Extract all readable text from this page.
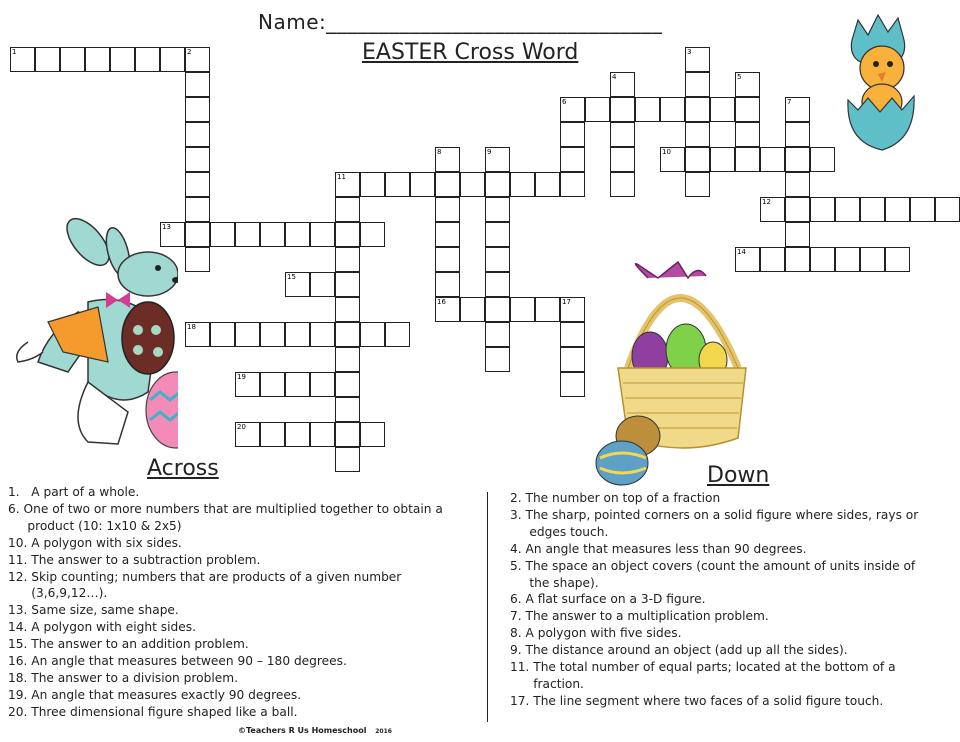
Name:________________________________
EASTER Cross Word
1	2	3
4	5
6	7
8	9	10
11
12
13
14
15
16	17
18
19
20
Across	Down
1.   A part of a whole.
6. One of two or more numbers that are multiplied together to obtain a
product (10: 1x10 & 2x5)
10. A polygon with six sides.
11. The answer to a subtraction problem.
12. Skip counting; numbers that are products of a given number
(3,6,9,12…).
13. Same size, same shape.
14. A polygon with eight sides.
15. The answer to an addition problem.
16. An angle that measures between 90 – 180 degrees.
18. The answer to a division problem.
19. An angle that measures exactly 90 degrees.
20. Three dimensional figure shaped like a ball.
2. The number on top of a fraction
3. The sharp, pointed corners on a solid figure where sides, rays or
edges touch.
4. An angle that measures less than 90 degrees.
5. The space an object covers (count the amount of units inside of
the shape).
6. A flat surface on a 3-D figure.
7. The answer to a multiplication problem.
8. A polygon with five sides.
9. The distance around an object (add up all the sides).
11. The total number of equal parts; located at the bottom of a
fraction.
17. The line segment where two faces of a solid figure touch.
©Teachers R Us Homeschool 2016
